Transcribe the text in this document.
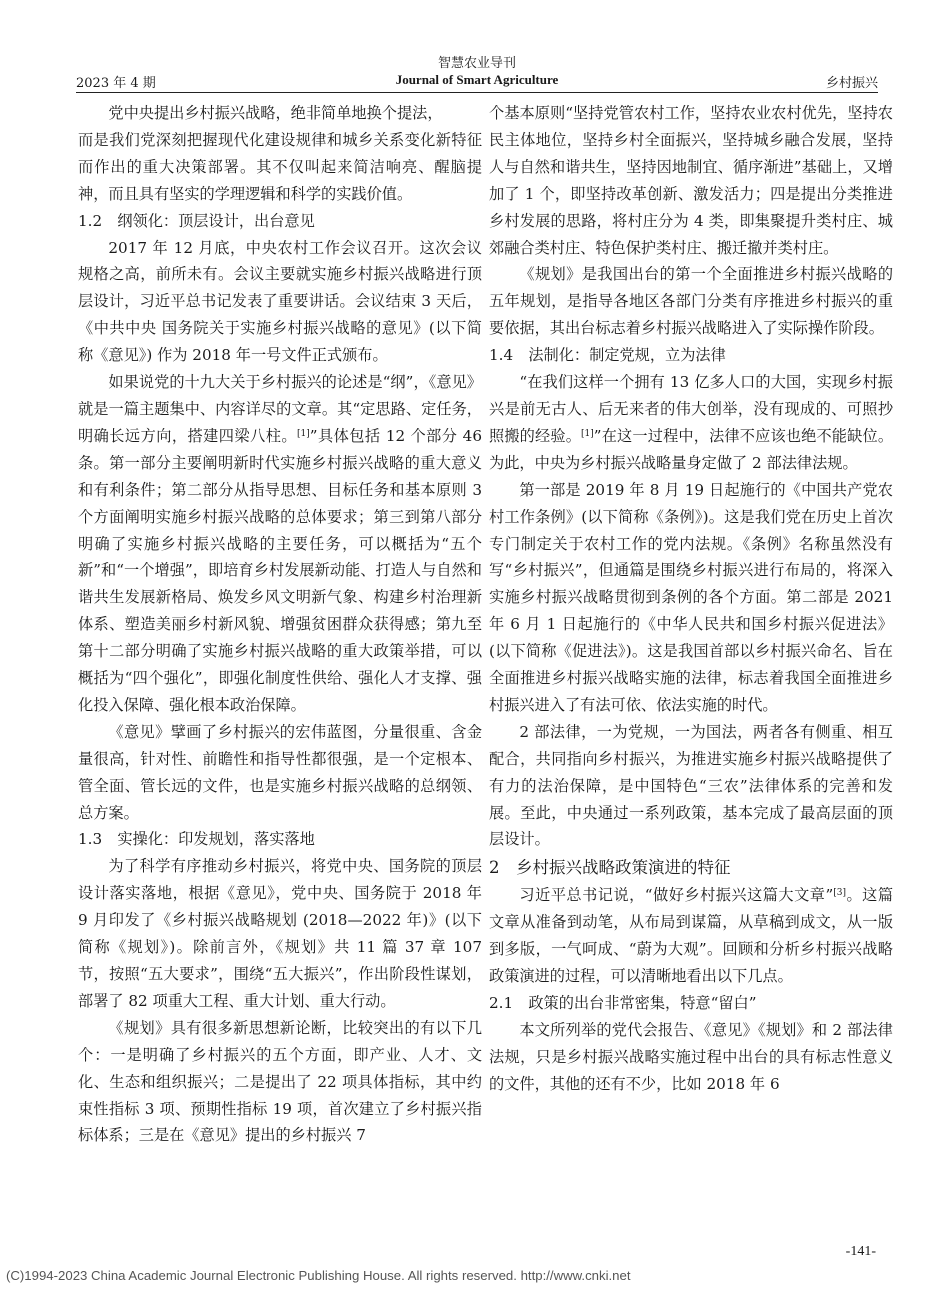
智慧农业导刊
2023 年 4 期	Journal of Smart Agriculture	乡村振兴

党中央提出乡村振兴战略，绝非简单地换个提法，

而是我们党深刻把握现代化建设规律和城乡关系变化新特征而作出的重大决策部署。其不仅叫起来简洁响亮、醒脑提神，而且具有坚实的学理逻辑和科学的实践价值。

1.2　纲领化：顶层设计，出台意见

2017 年 12 月底，中央农村工作会议召开。这次会议规格之高，前所未有。会议主要就实施乡村振兴战略进行顶层设计，习近平总书记发表了重要讲话。会议结束 3 天后，《中共中央 国务院关于实施乡村振兴战略的意见》(以下简称《意见》) 作为 2018 年一号文件正式颁布。

如果说党的十九大关于乡村振兴的论述是“纲”，《意见》就是一篇主题集中、内容详尽的文章。其“定思路、定任务，明确长远方向，搭建四梁八柱。[1]”具体包括 12 个部分 46 条。第一部分主要阐明新时代实施乡村振兴战略的重大意义和有利条件；第二部分从指导思想、目标任务和基本原则 3 个方面阐明实施乡村振兴战略的总体要求；第三到第八部分明确了实施乡村振兴战略的主要任务，可以概括为“五个新”和“一个增强”，即培育乡村发展新动能、打造人与自然和谐共生发展新格局、焕发乡风文明新气象、构建乡村治理新体系、塑造美丽乡村新风貌、增强贫困群众获得感；第九至第十二部分明确了实施乡村振兴战略的重大政策举措，可以概括为“四个强化”，即强化制度性供给、强化人才支撑、强化投入保障、强化根本政治保障。

《意见》擘画了乡村振兴的宏伟蓝图，分量很重、含金量很高，针对性、前瞻性和指导性都很强，是一个定根本、管全面、管长远的文件，也是实施乡村振兴战略的总纲领、总方案。

1.3　实操化：印发规划，落实落地

为了科学有序推动乡村振兴，将党中央、国务院的顶层设计落实落地，根据《意见》，党中央、国务院于 2018 年 9 月印发了《乡村振兴战略规划 (2018—2022 年)》(以下简称《规划》)。除前言外，《规划》共 11 篇 37 章 107 节，按照“五大要求”，围绕“五大振兴”，作出阶段性谋划，部署了 82 项重大工程、重大计划、重大行动。

《规划》具有很多新思想新论断，比较突出的有以下几个：一是明确了乡村振兴的五个方面，即产业、人才、文化、生态和组织振兴；二是提出了 22 项具体指标，其中约束性指标 3 项、预期性指标 19 项，首次建立了乡村振兴指标体系；三是在《意见》提出的乡村振兴 7

个基本原则“坚持党管农村工作，坚持农业农村优先，坚持农民主体地位，坚持乡村全面振兴，坚持城乡融合发展，坚持人与自然和谐共生，坚持因地制宜、循序渐进”基础上，又增加了 1 个，即坚持改革创新、激发活力；四是提出分类推进乡村发展的思路，将村庄分为 4 类，即集聚提升类村庄、城郊融合类村庄、特色保护类村庄、搬迁撤并类村庄。

《规划》是我国出台的第一个全面推进乡村振兴战略的五年规划，是指导各地区各部门分类有序推进乡村振兴的重要依据，其出台标志着乡村振兴战略进入了实际操作阶段。

1.4　法制化：制定党规，立为法律

“在我们这样一个拥有 13 亿多人口的大国，实现乡村振兴是前无古人、后无来者的伟大创举，没有现成的、可照抄照搬的经验。[1]”在这一过程中，法律不应该也绝不能缺位。为此，中央为乡村振兴战略量身定做了 2 部法律法规。

第一部是 2019 年 8 月 19 日起施行的《中国共产党农村工作条例》(以下简称《条例》)。这是我们党在历史上首次专门制定关于农村工作的党内法规。《条例》名称虽然没有写“乡村振兴”，但通篇是围绕乡村振兴进行布局的，将深入实施乡村振兴战略贯彻到条例的各个方面。第二部是 2021 年 6 月 1 日起施行的《中华人民共和国乡村振兴促进法》(以下简称《促进法》)。这是我国首部以乡村振兴命名、旨在全面推进乡村振兴战略实施的法律，标志着我国全面推进乡村振兴进入了有法可依、依法实施的时代。

2 部法律，一为党规，一为国法，两者各有侧重、相互配合，共同指向乡村振兴，为推进实施乡村振兴战略提供了有力的法治保障，是中国特色“三农”法律体系的完善和发展。至此，中央通过一系列政策，基本完成了最高层面的顶层设计。

2　乡村振兴战略政策演进的特征

习近平总书记说，“做好乡村振兴这篇大文章”[3]。这篇文章从准备到动笔，从布局到谋篇，从草稿到成文，从一版到多版，一气呵成、“蔚为大观”。回顾和分析乡村振兴战略政策演进的过程，可以清晰地看出以下几点。

2.1　政策的出台非常密集，特意“留白”

本文所列举的党代会报告、《意见》《规划》和 2 部法律法规，只是乡村振兴战略实施过程中出台的具有标志性意义的文件，其他的还有不少，比如 2018 年 6

-141-
(C)1994-2023 China Academic Journal Electronic Publishing House. All rights reserved. http://www.cnki.net
